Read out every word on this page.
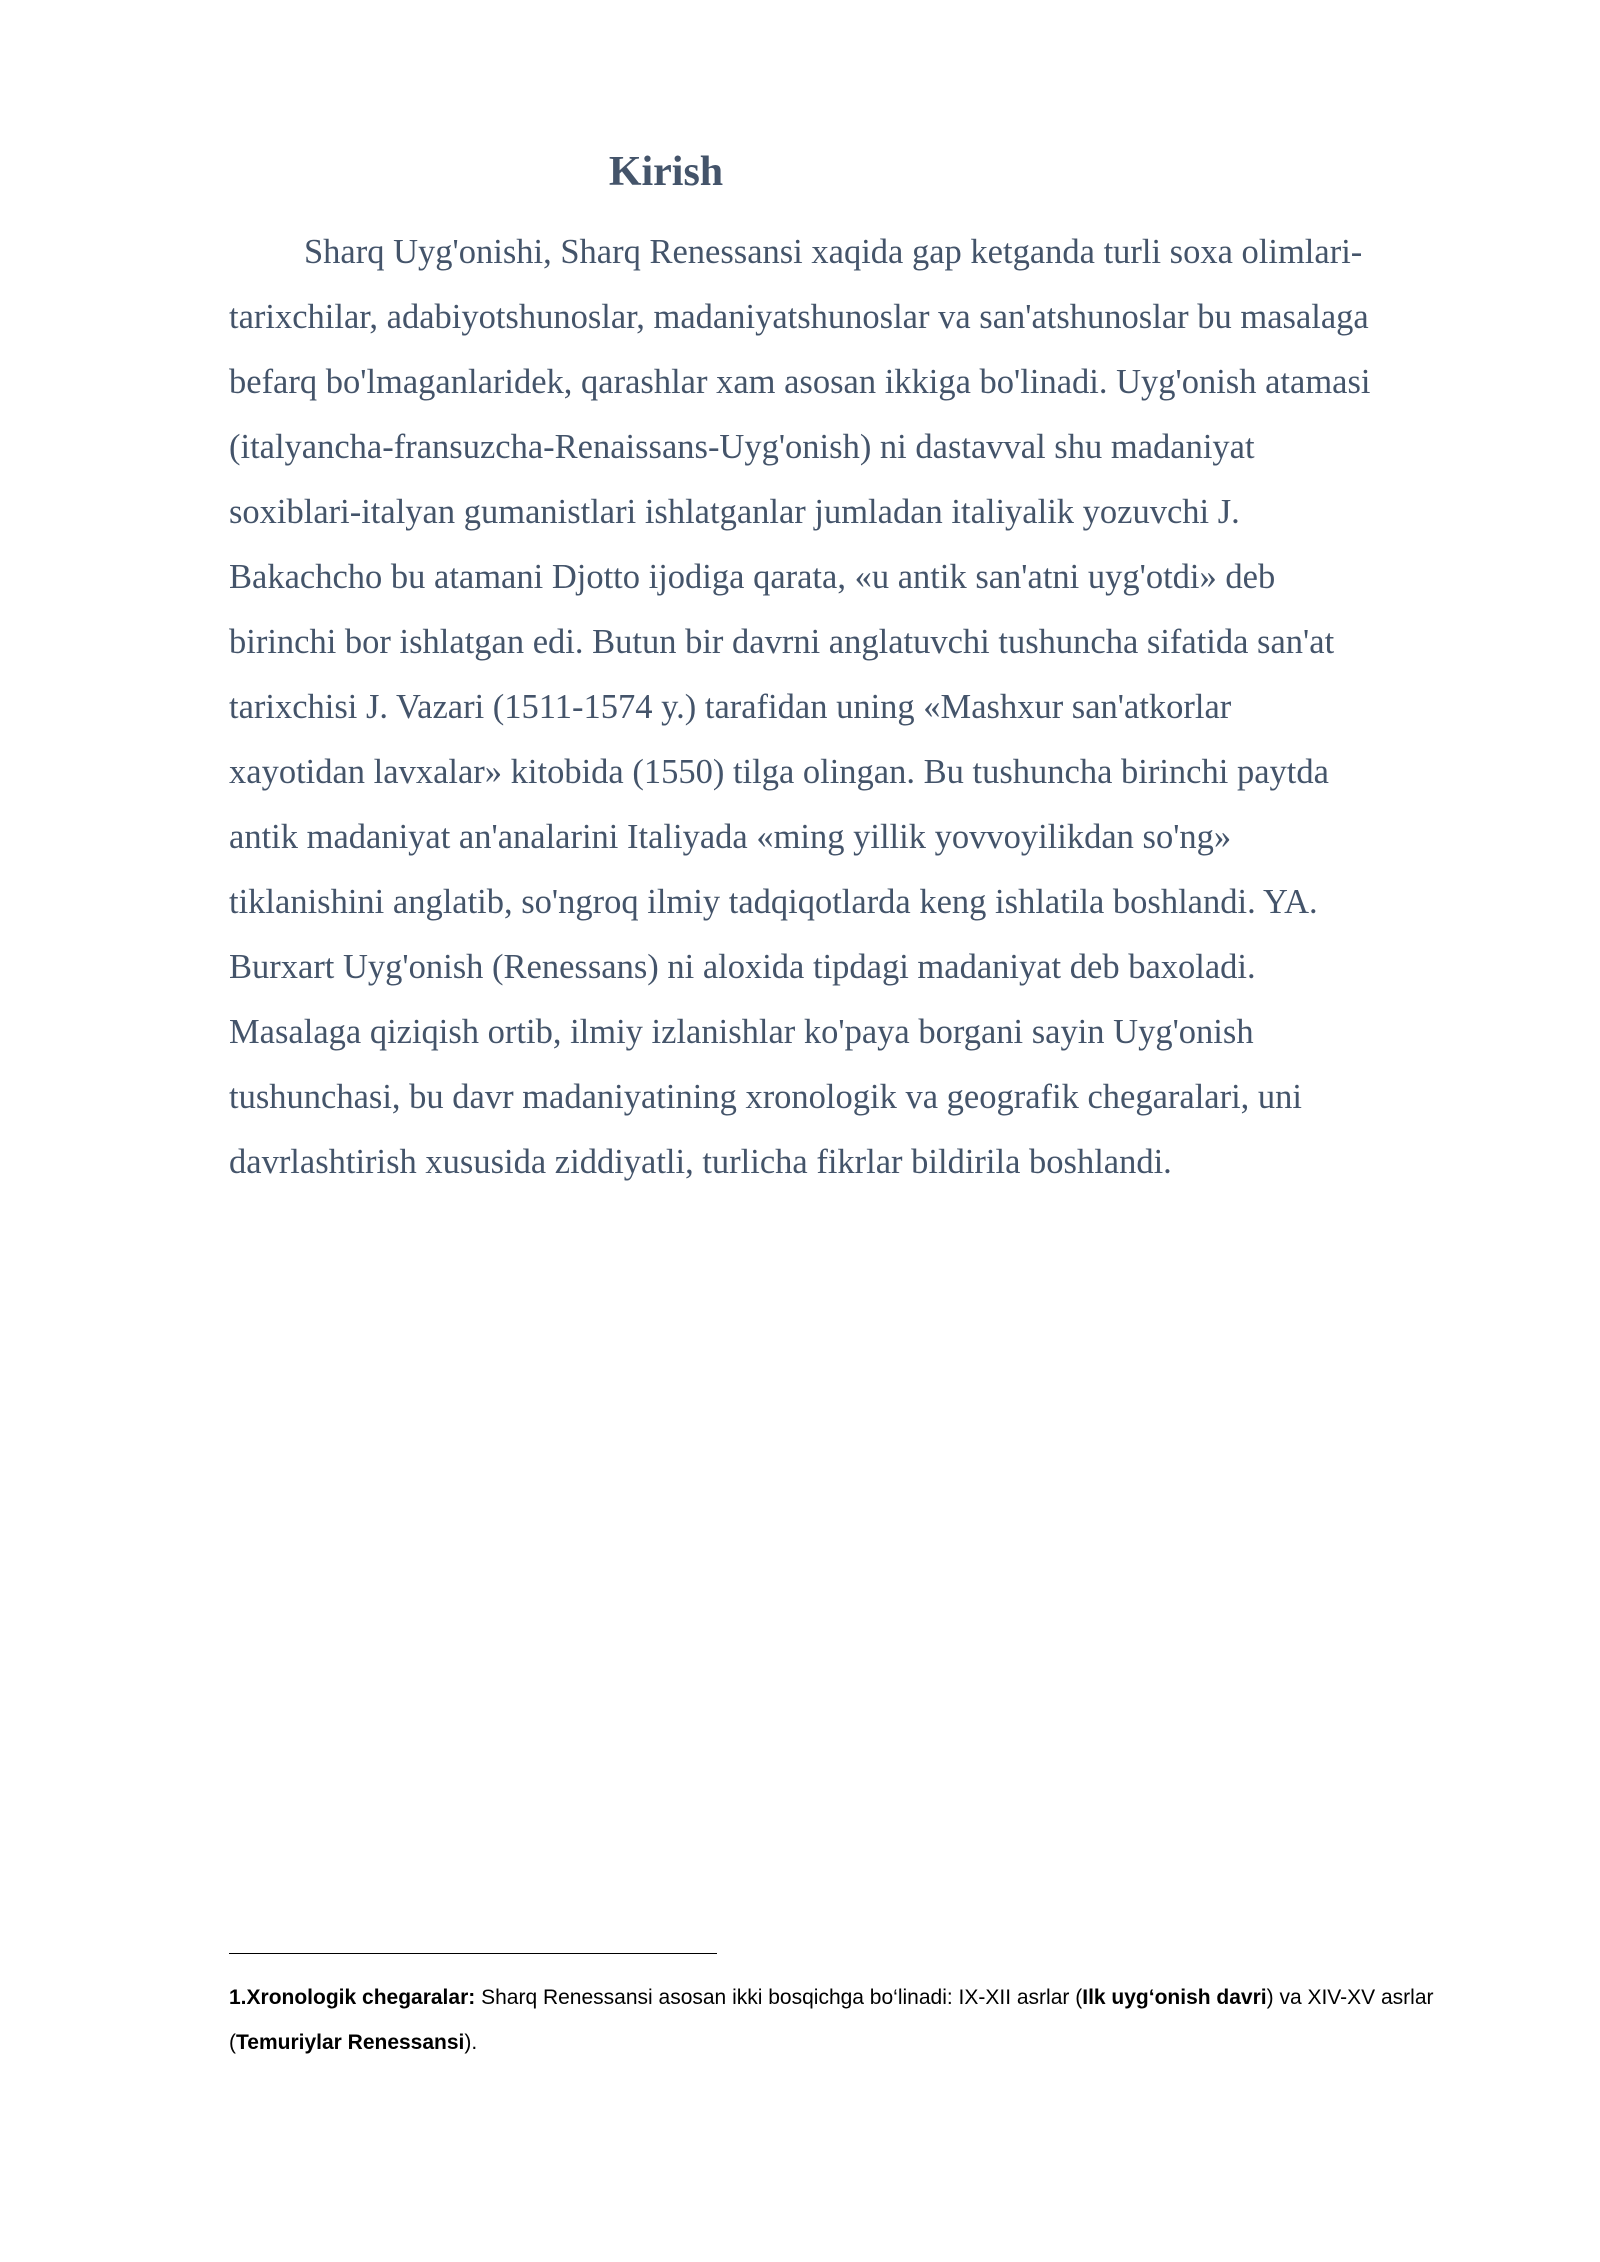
Kirish
Sharq Uyg'onishi, Sharq Renessansi xaqida gap ketganda turli soxa olimlari-
tarixchilar, adabiyotshunoslar, madaniyatshunoslar va san'atshunoslar bu masalaga
befarq bo'lmaganlaridek, qarashlar xam asosan ikkiga bo'linadi. Uyg'onish atamasi
(italyancha-fransuzcha-Renaissans-Uyg'onish) ni dastavval shu madaniyat
soxiblari-italyan gumanistlari ishlatganlar jumladan italiyalik yozuvchi J.
Bakachcho bu atamani Djotto ijodiga qarata, «u antik san'atni uyg'otdi» deb
birinchi bor ishlatgan edi. Butun bir davrni anglatuvchi tushuncha sifatida san'at
tarixchisi J. Vazari (1511-1574 y.) tarafidan uning «Mashxur san'atkorlar
xayotidan lavxalar» kitobida (1550) tilga olingan. Bu tushuncha birinchi paytda
antik madaniyat an'analarini Italiyada «ming yillik yovvoyilikdan so'ng»
tiklanishini anglatib, so'ngroq ilmiy tadqiqotlarda keng ishlatila boshlandi. YA.
Burxart Uyg'onish (Renessans) ni aloxida tipdagi madaniyat deb baxoladi.
Masalaga qiziqish ortib, ilmiy izlanishlar ko'paya borgani sayin Uyg'onish
tushunchasi, bu davr madaniyatining xronologik va geografik chegaralari, uni
davrlashtirish xususida ziddiyatli, turlicha fikrlar bildirila boshlandi.
1.Xronologik chegaralar: Sharq Renessansi asosan ikki bosqichga bo‘linadi: IX-XII asrlar (Ilk uyg‘onish davri) va XIV-XV asrlar
(Temuriylar Renessansi).
